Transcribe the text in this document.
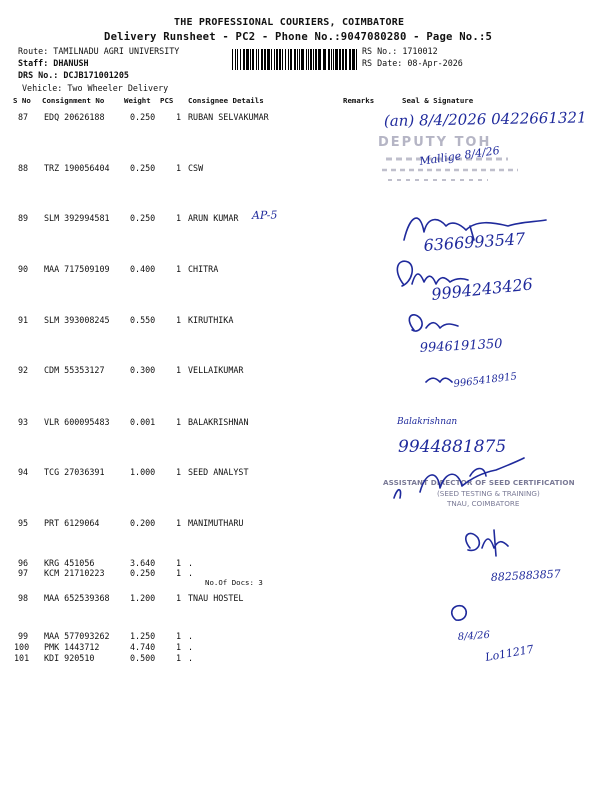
THE PROFESSIONAL COURIERS, COIMBATORE
Delivery Runsheet - PC2 - Phone No.:9047080280 - Page No.:5
Route: TAMILNADU AGRI UNIVERSITY
Staff: DHANUSH
DRS No.: DCJB171001205
Vehicle: Two Wheeler Delivery
RS No.: 1710012
RS Date: 08-Apr-2026
S No Consignment No	Weight PCS Consignee Details	Remarks	Seal & Signature
87 EDQ 20626188	0.250 1 RUBAN SELVAKUMAR
88 TRZ 190056404 0.250 1 CSW
89 SLM 392994581 0.250 1 ARUN KUMAR
90 MAA 717509109 0.400 1 CHITRA
91 SLM 393008245 0.550 1 KIRUTHIKA
92 CDM 55353127	0.300 1 VELLAIKUMAR
93 VLR 600095483 0.001 1 BALAKRISHNAN
94 TCG 27036391	1.000 1 SEED ANALYST
95 PRT 6129064	0.200 1 MANIMUTHARU
96 KRG 451056	3.640 1 .
97 KCM 21710223	0.250 1 .
No.Of Docs: 3
98 MAA 652539368 1.200 1 TNAU HOSTEL
99 MAA 577093262 1.250 1 .
100 PMK 1443712	4.740 1 .
101 KDI 920510	0.500 1 .
DEPUTY TOH
ASSISTANT DIRECTOR OF SEED CERTIFICATION
(SEED TESTING & TRAINING)
TNAU, COIMBATORE
AP-5
(an) 8/4/2026 0422661321
Mallige 8/4/26
6366993547
9994243426
9946191350
9965418915
Balakrishnan
9944881875
8825883857
8/4/26
Lo11217
